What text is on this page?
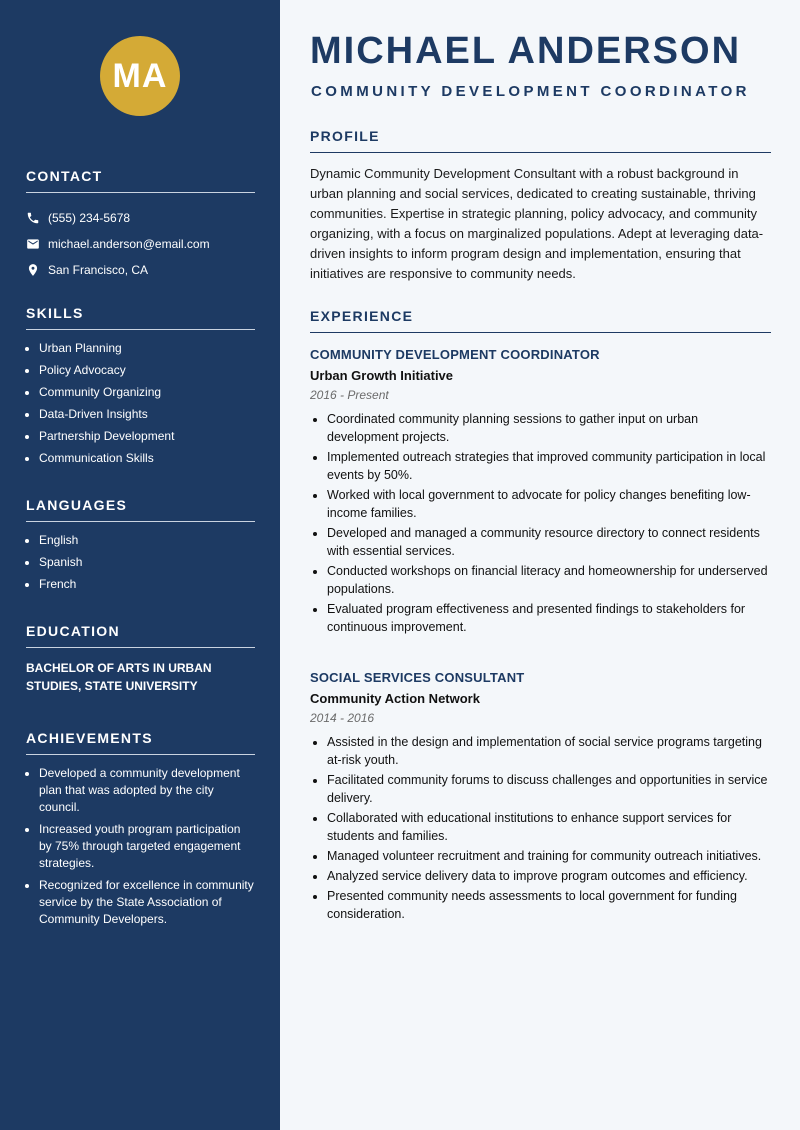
MA
CONTACT
(555) 234-5678
michael.anderson@email.com
San Francisco, CA
SKILLS
• Urban Planning
• Policy Advocacy
• Community Organizing
• Data-Driven Insights
• Partnership Development
• Communication Skills
LANGUAGES
• English
• Spanish
• French
EDUCATION
BACHELOR OF ARTS IN URBAN STUDIES, STATE UNIVERSITY
ACHIEVEMENTS
• Developed a community development plan that was adopted by the city council.
• Increased youth program participation by 75% through targeted engagement strategies.
• Recognized for excellence in community service by the State Association of Community Developers.
MICHAEL ANDERSON
COMMUNITY DEVELOPMENT COORDINATOR
PROFILE

Dynamic Community Development Consultant with a robust background in urban planning and social services, dedicated to creating sustainable, thriving communities. Expertise in strategic planning, policy advocacy, and community organizing, with a focus on marginalized populations. Adept at leveraging data-driven insights to inform program design and implementation, ensuring that initiatives are responsive to community needs.

EXPERIENCE
COMMUNITY DEVELOPMENT COORDINATOR

Urban Growth Initiative

2016 - Present

• Coordinated community planning sessions to gather input on urban development projects.
• Implemented outreach strategies that improved community participation in local events by 50%.
• Worked with local government to advocate for policy changes benefiting low-income families.
• Developed and managed a community resource directory to connect residents with essential services.
• Conducted workshops on financial literacy and homeownership for underserved populations.
• Evaluated program effectiveness and presented findings to stakeholders for continuous improvement.
SOCIAL SERVICES CONSULTANT

Community Action Network

2014 - 2016

• Assisted in the design and implementation of social service programs targeting at-risk youth.
• Facilitated community forums to discuss challenges and opportunities in service delivery.
• Collaborated with educational institutions to enhance support services for students and families.
• Managed volunteer recruitment and training for community outreach initiatives.
• Analyzed service delivery data to improve program outcomes and efficiency.
• Presented community needs assessments to local government for funding consideration.
